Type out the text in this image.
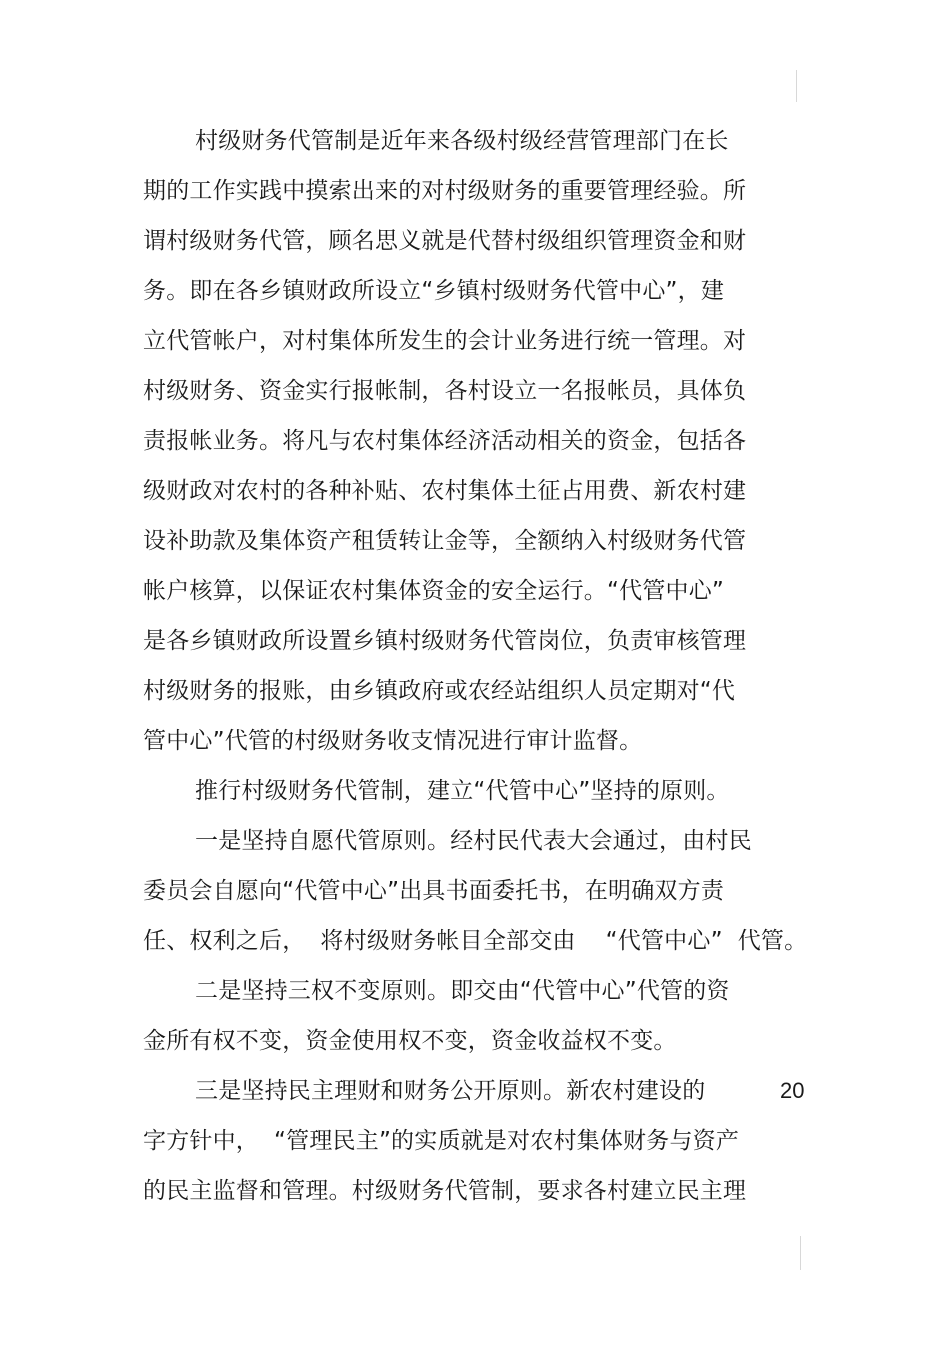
村级财务代管制是近年来各级村级经营管理部门在长

期的工作实践中摸索出来的对村级财务的重要管理经验。所

谓村级财务代管，顾名思义就是代替村级组织管理资金和财

务。即在各乡镇财政所设立“乡镇村级财务代管中心”，建

立代管帐户，对村集体所发生的会计业务进行统一管理。对

村级财务、资金实行报帐制，各村设立一名报帐员，具体负

责报帐业务。将凡与农村集体经济活动相关的资金，包括各

级财政对农村的各种补贴、农村集体土征占用费、新农村建

设补助款及集体资产租赁转让金等，全额纳入村级财务代管

帐户核算，以保证农村集体资金的安全运行。“代管中心”

是各乡镇财政所设置乡镇村级财务代管岗位，负责审核管理

村级财务的报账，由乡镇政府或农经站组织人员定期对“代

管中心”代管的村级财务收支情况进行审计监督。

推行村级财务代管制，建立“代管中心”坚持的原则。

一是坚持自愿代管原则。经村民代表大会通过，由村民

委员会自愿向“代管中心”出具书面委托书，在明确双方责

任、权利之后，  将村级财务帐目全部交由    “代管中心”  代管。

二是坚持三权不变原则。即交由“代管中心”代管的资

金所有权不变，资金使用权不变，资金收益权不变。

三是坚持民主理财和财务公开原则。新农村建设的	20

字方针中，  “管理民主”的实质就是对农村集体财务与资产

的民主监督和管理。村级财务代管制，要求各村建立民主理
